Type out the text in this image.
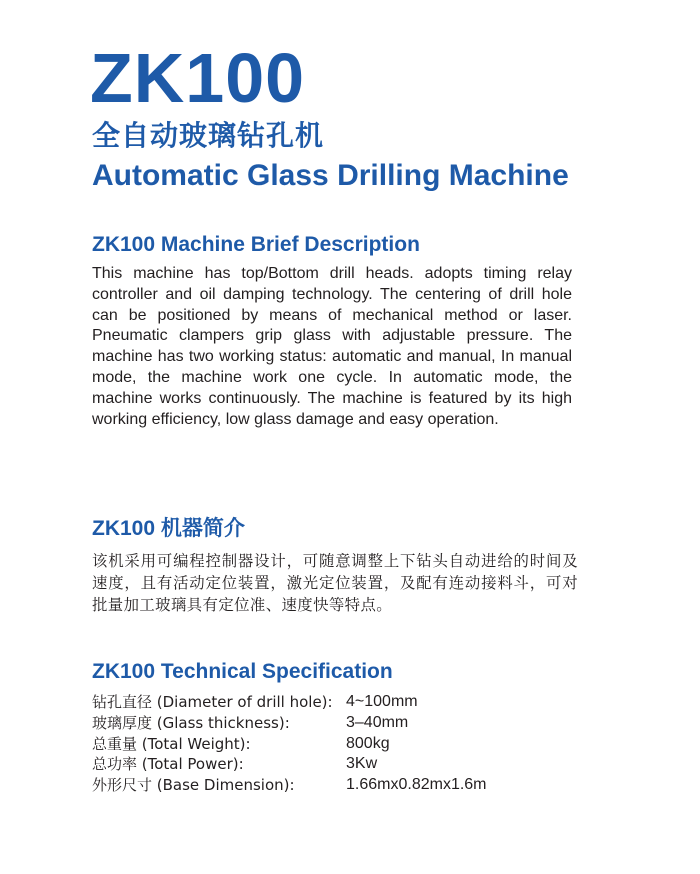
ZK100
全自动玻璃钻孔机
Automatic Glass Drilling Machine
ZK100 Machine Brief Description

This machine has top/Bottom drill heads. adopts timing relay controller and oil damping technology. The centering of drill hole can be positioned by means of mechanical method or laser. Pneumatic clampers grip glass with adjustable pressure. The machine has two working status: automatic and manual, In manual mode, the machine work one cycle. In automatic mode, the machine works continuously. The machine is featured by its high working efficiency, low glass damage and easy operation.

ZK100 机器简介

该机采用可编程控制器设计，可随意调整上下钻头自动进给的时间及速度，且有活动定位装置，激光定位装置，及配有连动接料斗，可对批量加工玻璃具有定位准、速度快等特点。

ZK100 Technical Specification
钻孔直径 (Diameter of drill hole): 4~100mm
玻璃厚度 (Glass thickness):	3–40mm
总重量 (Total Weight):	800kg
总功率 (Total Power):	3Kw
外形尺寸 (Base Dimension):	1.66mx0.82mx1.6m
